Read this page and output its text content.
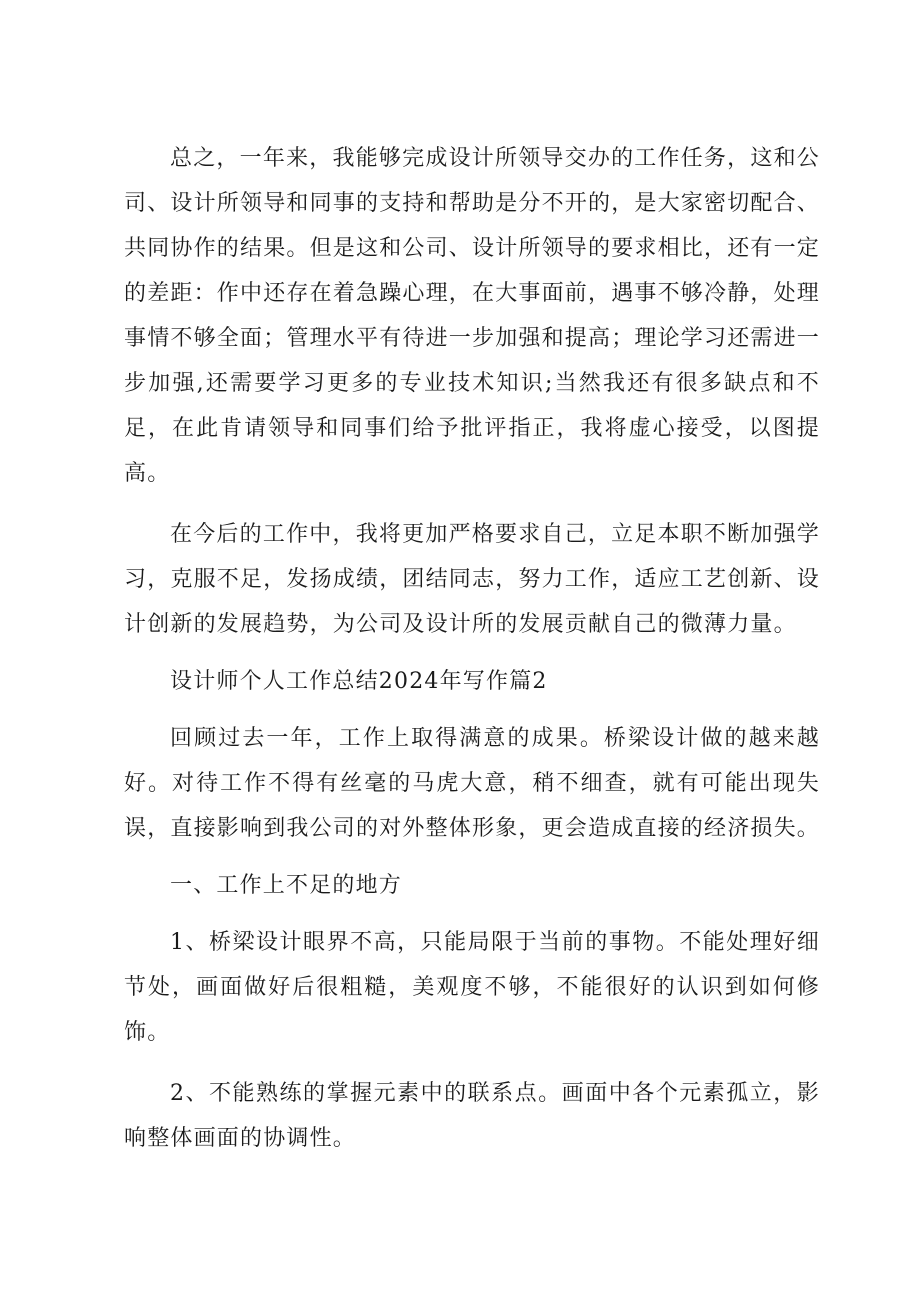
总之，一年来，我能够完成设计所领导交办的工作任务，这和公司、设计所领导和同事的支持和帮助是分不开的，是大家密切配合、共同协作的结果。但是这和公司、设计所领导的要求相比，还有一定的差距：作中还存在着急躁心理，在大事面前，遇事不够冷静，处理事情不够全面；管理水平有待进一步加强和提高；理论学习还需进一步加强,还需要学习更多的专业技术知识;当然我还有很多缺点和不足，在此肯请领导和同事们给予批评指正，我将虚心接受，以图提高。

在今后的工作中，我将更加严格要求自己，立足本职不断加强学习，克服不足，发扬成绩，团结同志，努力工作，适应工艺创新、设计创新的发展趋势，为公司及设计所的发展贡献自己的微薄力量。

设计师个人工作总结2024年写作篇2

回顾过去一年，工作上取得满意的成果。桥梁设计做的越来越好。对待工作不得有丝毫的马虎大意，稍不细查，就有可能出现失误，直接影响到我公司的对外整体形象，更会造成直接的经济损失。

一、工作上不足的地方

1、桥梁设计眼界不高，只能局限于当前的事物。不能处理好细节处，画面做好后很粗糙，美观度不够，不能很好的认识到如何修饰。

2、不能熟练的掌握元素中的联系点。画面中各个元素孤立，影响整体画面的协调性。
